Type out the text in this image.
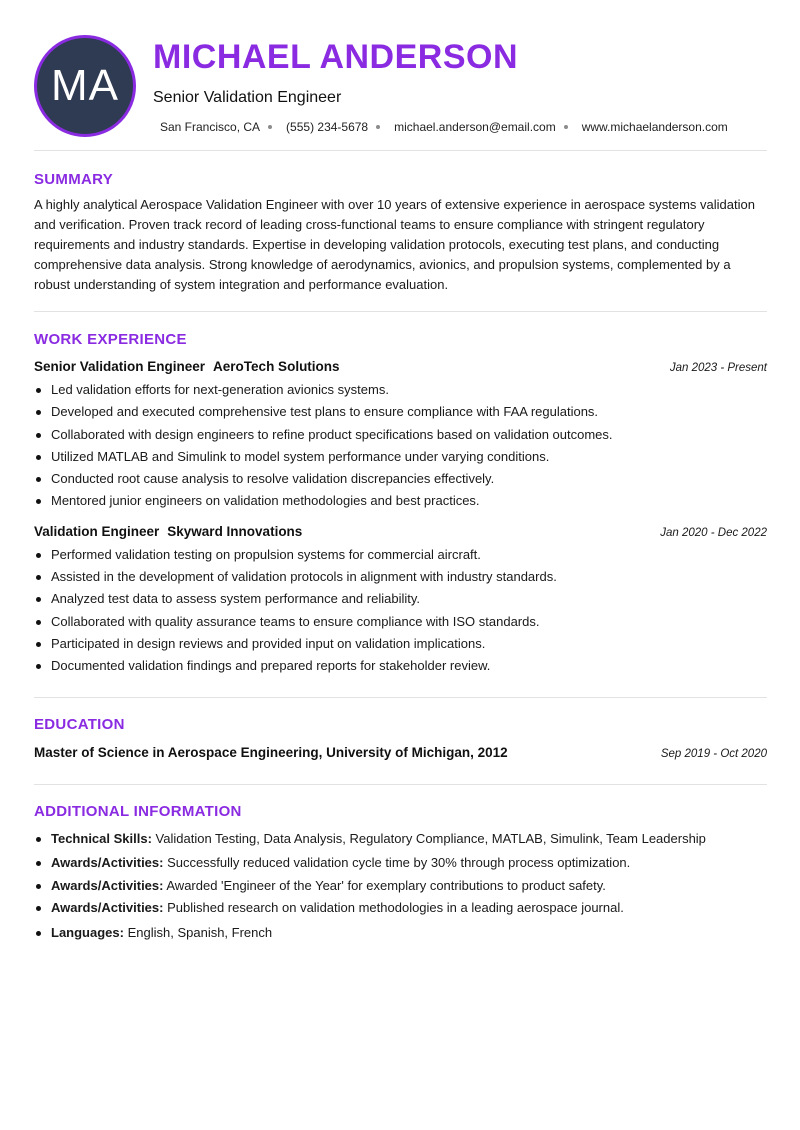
MA
MICHAEL ANDERSON
Senior Validation Engineer
San Francisco, CA (555) 234-5678 michael.anderson@email.com www.michaelanderson.com
SUMMARY

A highly analytical Aerospace Validation Engineer with over 10 years of extensive experience in aerospace systems validation and verification. Proven track record of leading cross-functional teams to ensure compliance with stringent regulatory requirements and industry standards. Expertise in developing validation protocols, executing test plans, and conducting comprehensive data analysis. Strong knowledge of aerodynamics, avionics, and propulsion systems, complemented by a robust understanding of system integration and performance evaluation.

WORK EXPERIENCE
Senior Validation Engineer AeroTech Solutions	Jan 2023 - Present
Led validation efforts for next-generation avionics systems.
Developed and executed comprehensive test plans to ensure compliance with FAA regulations.
Collaborated with design engineers to refine product specifications based on validation outcomes.
Utilized MATLAB and Simulink to model system performance under varying conditions.
Conducted root cause analysis to resolve validation discrepancies effectively.
Mentored junior engineers on validation methodologies and best practices.
Validation Engineer Skyward Innovations	Jan 2020 - Dec 2022
Performed validation testing on propulsion systems for commercial aircraft.
Assisted in the development of validation protocols in alignment with industry standards.
Analyzed test data to assess system performance and reliability.
Collaborated with quality assurance teams to ensure compliance with ISO standards.
Participated in design reviews and provided input on validation implications.
Documented validation findings and prepared reports for stakeholder review.
EDUCATION
Master of Science in Aerospace Engineering, University of Michigan, 2012	Sep 2019 - Oct 2020
ADDITIONAL INFORMATION
Technical Skills: Validation Testing, Data Analysis, Regulatory Compliance, MATLAB, Simulink, Team Leadership
Awards/Activities: Successfully reduced validation cycle time by 30% through process optimization.
Awards/Activities: Awarded 'Engineer of the Year' for exemplary contributions to product safety.
Awards/Activities: Published research on validation methodologies in a leading aerospace journal.
Languages: English, Spanish, French
